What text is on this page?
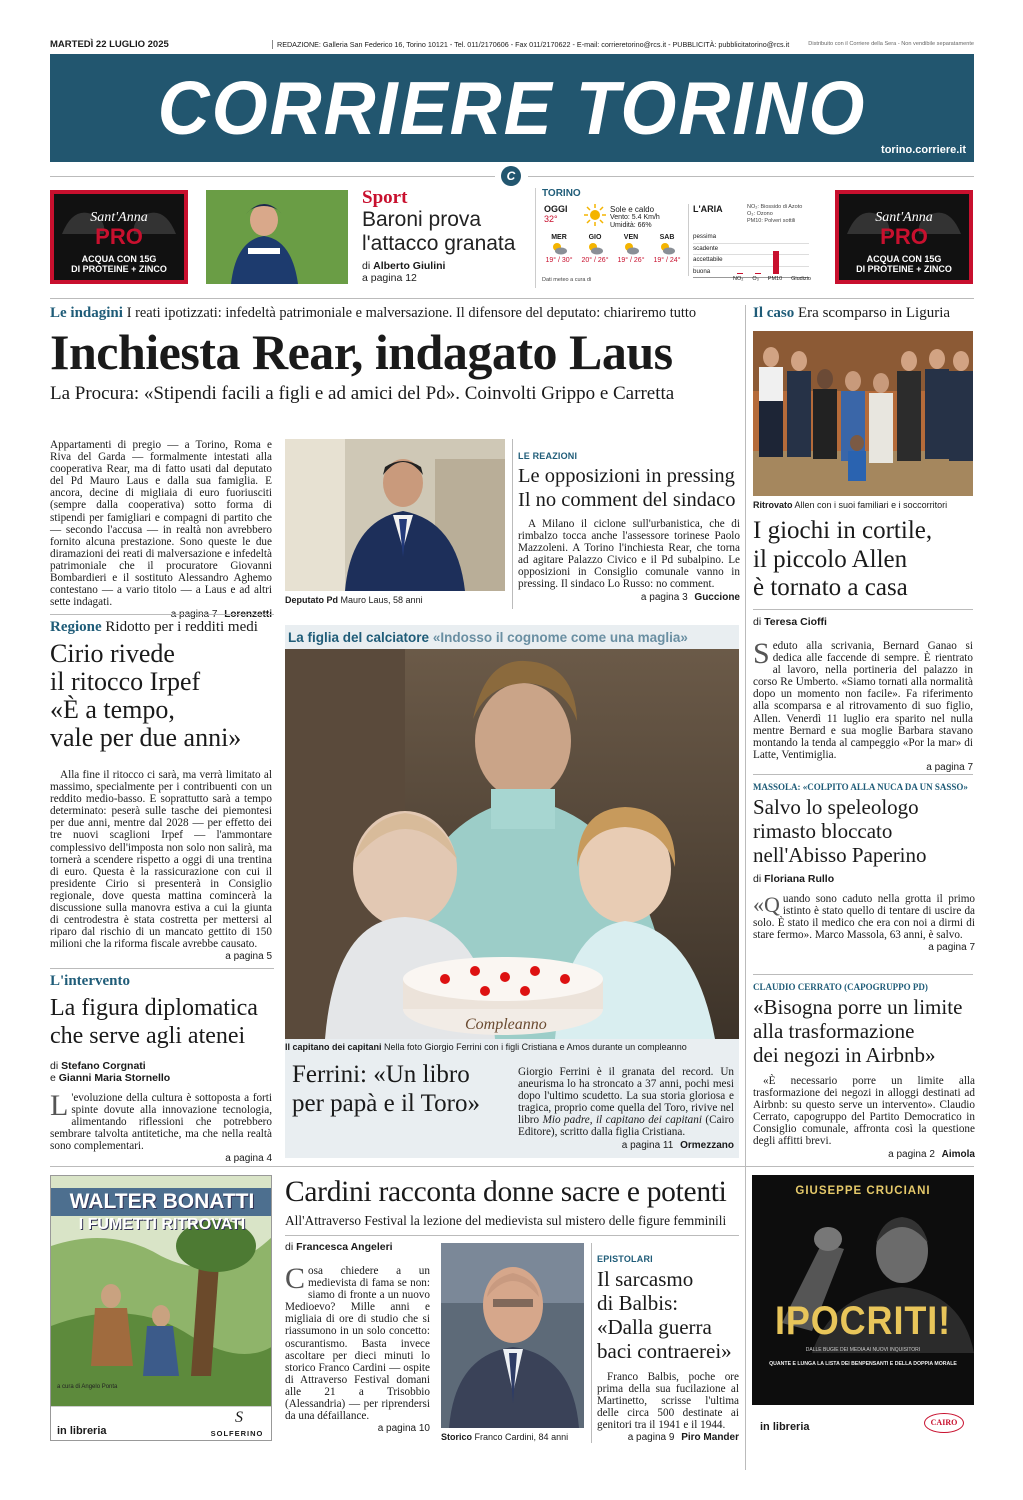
MARTEDÌ 22 LUGLIO 2025	REDAZIONE: Galleria San Federico 16, Torino 10121 - Tel. 011/2170606 - Fax 011/2170622 - E-mail: corrieretorino@rcs.it - PUBBLICITÀ: pubblicitatorino@rcs.it	Distribuito con il Corriere della Sera - Non vendibile separatamente
CORRIERE TORINO	torino.corriere.it
C
Sant'Anna
PRO
ACQUA CON 15G
DI PROTEINE + ZINCO
Sport
Baroni prova
l'attacco granata
di Alberto Giulini
a pagina 12
TORINO
OGGI
32°
Sole e caldo
Vento: 5.4 Km/h
Umidità: 66%
MER
19° / 30°
GIO
20° / 26°
VEN
19° / 26°
SAB
19° / 24°
Dati meteo a cura di
L'ARIA	NO₂: Biossido di Azoto
O₃: Ozono
PM10: Polveri sottili
pessima
scadente
accettabile
buona
NO₂ O₃ PM10 Giudizio
Sant'Anna
PRO
ACQUA CON 15G
DI PROTEINE + ZINCO
Le indagini I reati ipotizzati: infedeltà patrimoniale e malversazione. Il difensore del deputato: chiariremo tutto
Inchiesta Rear, indagato Laus
La Procura: «Stipendi facili a figli e ad amici del Pd». Coinvolti Grippo e Carretta
Appartamenti di pregio — a Torino, Roma e Riva del Garda — formalmente intestati alla cooperativa Rear, ma di fatto usati dal deputato del Pd Mauro Laus e dalla sua famiglia. E ancora, decine di migliaia di euro fuoriusciti (sempre dalla cooperativa) sotto forma di stipendi per famigliari e compagni di partito che — secondo l'accusa — in realtà non avrebbero fornito alcuna prestazione. Sono queste le due diramazioni dei reati di malversazione e infedeltà patrimoniale che il procuratore Giovanni Bombardieri e il sostituto Alessandro Aghemo contestano — a vario titolo — a Laus e ad altri sette indagati.	Deputato Pd Mauro Laus, 58 anni
LE REAZIONI
Le opposizioni in pressing
Il no comment del sindaco
A Milano il ciclone sull'urbanistica, che di rimbalzo tocca anche l'assessore torinese Paolo Mazzoleni. A Torino l'inchiesta Rear, che torna ad agitare Palazzo Civico e il Pd subalpino. Le opposizioni in Consiglio comunale vanno in pressing. Il sindaco Lo Russo: no comment.
a pagina 3 Guccione
Il caso Era scomparso in Liguria
Ritrovato Allen con i suoi familiari e i soccorritori
I giochi in cortile,
il piccolo Allen
è tornato a casa
di Teresa Cioffi
Seduto alla scrivania, Bernard Ganao si dedica alle faccende di sempre. È rientrato al lavoro, nella portineria del palazzo in corso Re Umberto. «Siamo tornati alla normalità dopo un momento non facile». Fa riferimento alla scomparsa e al ritrovamento di suo figlio, Allen. Venerdì 11 luglio era sparito nel nulla mentre Bernard e sua moglie Barbara stavano montando la tenda al campeggio «Por la mar» di Latte, Ventimiglia.
a pagina 7
MASSOLA: «COLPITO ALLA NUCA DA UN SASSO»
Salvo lo speleologo
rimasto bloccato
nell'Abisso Paperino
di Floriana Rullo
«Quando sono caduto nella grotta il primo istinto è stato quello di tentare di uscire da solo. È stato il medico che era con noi a dirmi di stare fermo». Marco Massola, 63 anni, è salvo.
a pagina 7
CLAUDIO CERRATO (CAPOGRUPPO PD)
«Bisogna porre un limite
alla trasformazione
dei negozi in Airbnb»
«È necessario porre un limite alla trasformazione dei negozi in alloggi destinati ad Airbnb: su questo serve un intervento». Claudio Cerrato, capogruppo del Partito Democratico in Consiglio comunale, affronta così la questione degli affitti brevi.
a pagina 2 Aimola
Regione Ridotto per i redditi medi
Cirio rivede
il ritocco Irpef
«È a tempo,
vale per due anni»
Alla fine il ritocco ci sarà, ma verrà limitato al massimo, specialmente per i contribuenti con un reddito medio-basso. E soprattutto sarà a tempo determinato: peserà sulle tasche dei piemontesi per due anni, mentre dal 2028 — per effetto dei tre nuovi scaglioni Irpef — l'ammontare complessivo dell'imposta non solo non salirà, ma tornerà a scendere rispetto a oggi di una trentina di euro. Questa è la rassicurazione con cui il presidente Cirio si presenterà in Consiglio regionale, dove questa mattina comincerà la discussione sulla manovra estiva a cui la giunta di centrodestra è stata costretta per mettersi al riparo dal rischio di un mancato gettito di 150 milioni che la riforma fiscale avrebbe causato.
a pagina 5
L'intervento
La figura diplomatica
che serve agli atenei
di Stefano Corgnati
e Gianni Maria Stornello
L 'evoluzione della cultura è sottoposta a forti spinte dovute alla innovazione tecnologia, alimentando riflessioni che potrebbero sembrare talvolta antitetiche, ma che nella realtà sono complementari.
a pagina 4
La figlia del calciatore «Indosso il cognome come una maglia»
Compleanno
Il capitano dei capitani Nella foto Giorgio Ferrini con i figli Cristiana e Amos durante un compleanno
Ferrini: «Un libro
per papà e il Toro»
Giorgio Ferrini è il granata del record. Un aneurisma lo ha stroncato a 37 anni, pochi mesi dopo l'ultimo scudetto. La sua storia gloriosa e tragica, proprio come quella del Toro, rivive nel libro Mio padre, il capitano dei capitani (Cairo Editore), scritto dalla figlia Cristiana.
a pagina 11 Ormezzano
WALTER BONATTI
I FUMETTI RITROVATI
a cura di Angelo Ponta
in libreria
S
SOLFERINO
Cardini racconta donne sacre e potenti
All'Attraverso Festival la lezione del medievista sul mistero delle figure femminili
di Francesca Angeleri
Cosa chiedere a un medievista di fama se non: siamo di fronte a un nuovo Medioevo? Mille anni e migliaia di ore di studio che si riassumono in un solo concetto: oscurantismo. Basta invece ascoltare per dieci minuti lo storico Franco Cardini — ospite di Attraverso Festival domani alle 21 a Trisobbio (Alessandria) — per riprendersi da una défaillance.
a pagina 10
Storico Franco Cardini, 84 anni
EPISTOLARI
Il sarcasmo
di Balbis:
«Dalla guerra
baci contraerei»
Franco Balbis, poche ore prima della sua fucilazione al Martinetto, scrisse l'ultima delle circa 500 destinate ai genitori tra il 1941 e il 1944.
a pagina 9 Piro Mander
GIUSEPPE CRUCIANI
IPOCRITI!
DALLE BUGIE DEI MEDIA AI NUOVI INQUISITORI
QUANTE E LUNGA LA LISTA DEI BENPENSANTI E DELLA DOPPIA MORALE
in libreria	CAIRO
